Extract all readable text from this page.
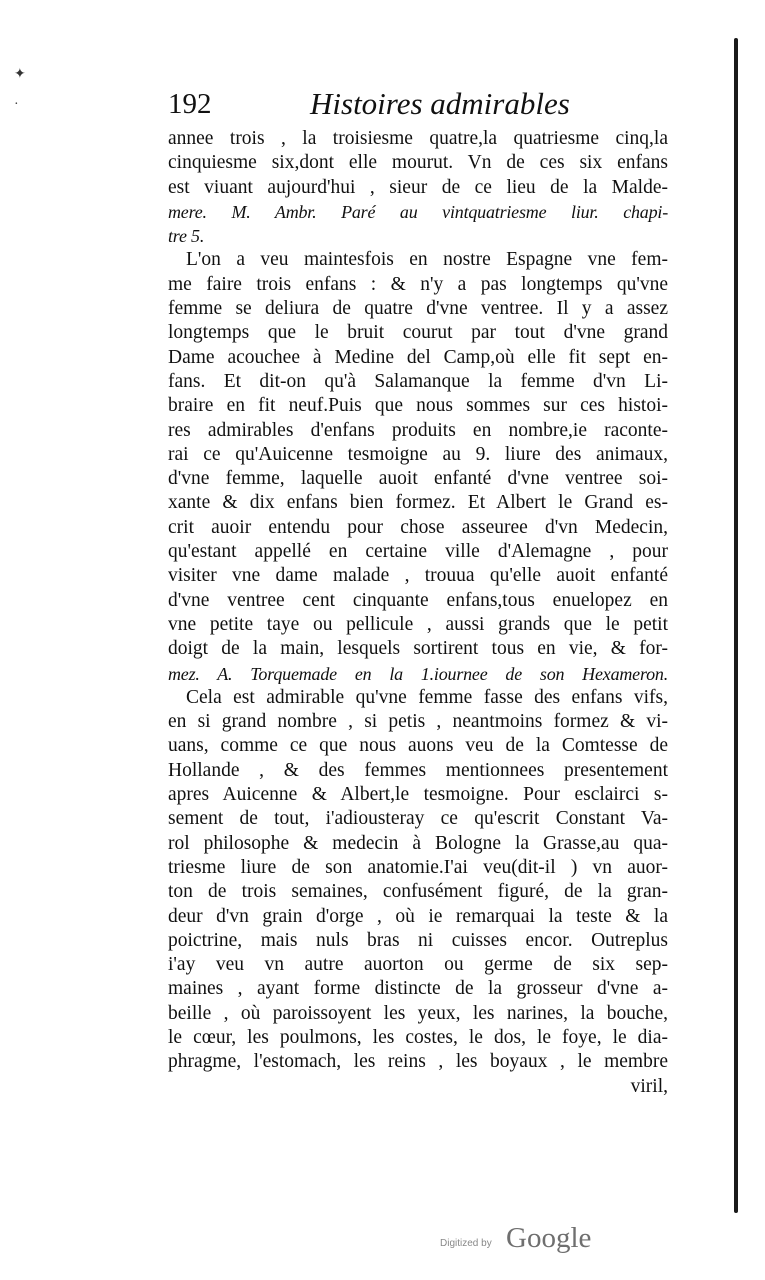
✦
·	192	Histoires admirables
annee trois , la troisiesme quatre,la quatriesme cinq,la
cinquiesme six,dont elle mourut. Vn de ces six enfans
est viuant aujourd'hui , sieur de ce lieu de la Malde-
mere. M. Ambr. Paré au vintquatriesme liur. chapi-
tre 5.
L'on a veu maintesfois en nostre Espagne vne fem-
me faire trois enfans : & n'y a pas longtemps qu'vne
femme se deliura de quatre d'vne ventree. Il y a assez
longtemps que le bruit courut par tout d'vne grand
Dame acouchee à Medine del Camp,où elle fit sept en-
fans. Et dit-on qu'à Salamanque la femme d'vn Li-
braire en fit neuf.Puis que nous sommes sur ces histoi-
res admirables d'enfans produits en nombre,ie raconte-
rai ce qu'Auicenne tesmoigne au 9. liure des animaux,
d'vne femme, laquelle auoit enfanté d'vne ventree soi-
xante & dix enfans bien formez. Et Albert le Grand es-
crit auoir entendu pour chose asseuree d'vn Medecin,
qu'estant appellé en certaine ville d'Alemagne , pour
visiter vne dame malade , trouua qu'elle auoit enfanté
d'vne ventree cent cinquante enfans,tous enuelopez en
vne petite taye ou pellicule , aussi grands que le petit
doigt de la main, lesquels sortirent tous en vie, & for-
mez. A. Torquemade en la 1.iournee de son Hexameron.
Cela est admirable qu'vne femme fasse des enfans vifs,
en si grand nombre , si petis , neantmoins formez & vi-
uans, comme ce que nous auons veu de la Comtesse de
Hollande , & des femmes mentionnees presentement
apres Auicenne & Albert,le tesmoigne. Pour esclairci s-
sement de tout, i'adiousteray ce qu'escrit Constant Va-
rol philosophe & medecin à Bologne la Grasse,au qua-
triesme liure de son anatomie.I'ai veu(dit-il ) vn auor-
ton de trois semaines, confusément figuré, de la gran-
deur d'vn grain d'orge , où ie remarquai la teste & la
poictrine, mais nuls bras ni cuisses encor. Outreplus
i'ay veu vn autre auorton ou germe de six sep-
maines , ayant forme distincte de la grosseur d'vne a-
beille , où paroissoyent les yeux, les narines, la bouche,
le cœur, les poulmons, les costes, le dos, le foye, le dia-
phragme, l'estomach, les reins , les boyaux , le membre
viril,
Digitized by Google
